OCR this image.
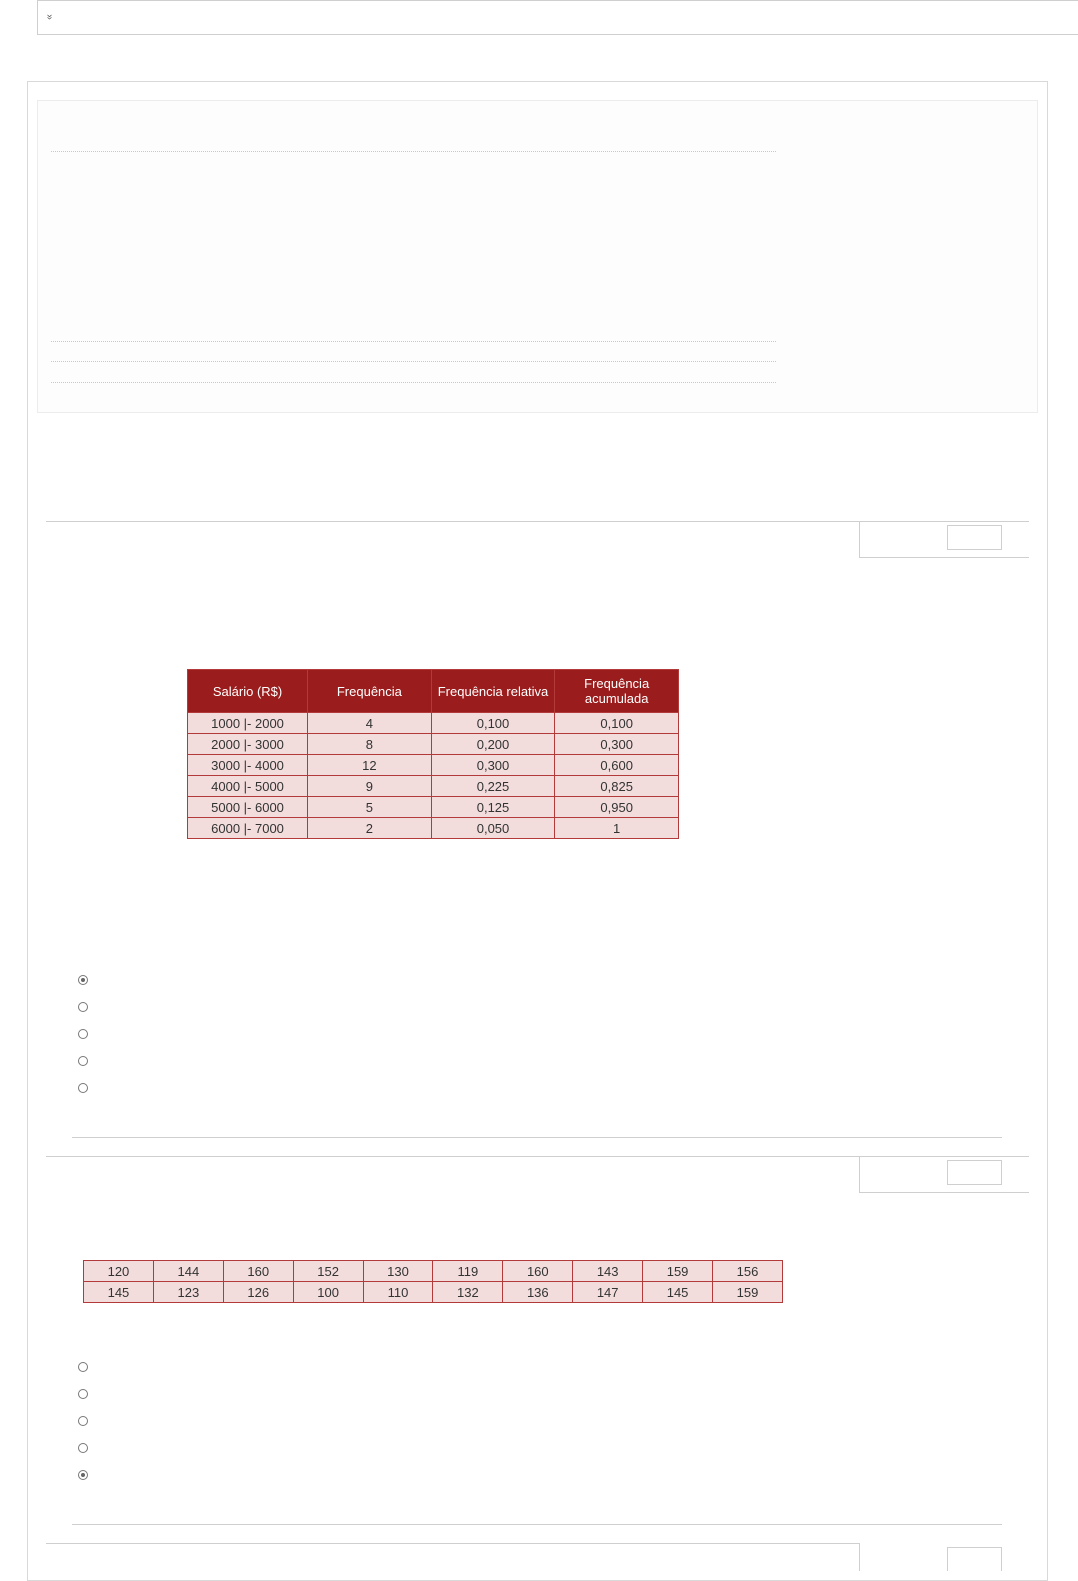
»
Salário (R$)	Frequência	Frequência relativa	Frequência acumulada
1000 |- 2000	4	0,100	0,100
2000 |- 3000	8	0,200	0,300
3000 |- 4000	12	0,300	0,600
4000 |- 5000	9	0,225	0,825
5000 |- 6000	5	0,125	0,950
6000 |- 7000	2	0,050	1
120	144	160	152	130	119	160	143	159	156
145	123	126	100	110	132	136	147	145	159
